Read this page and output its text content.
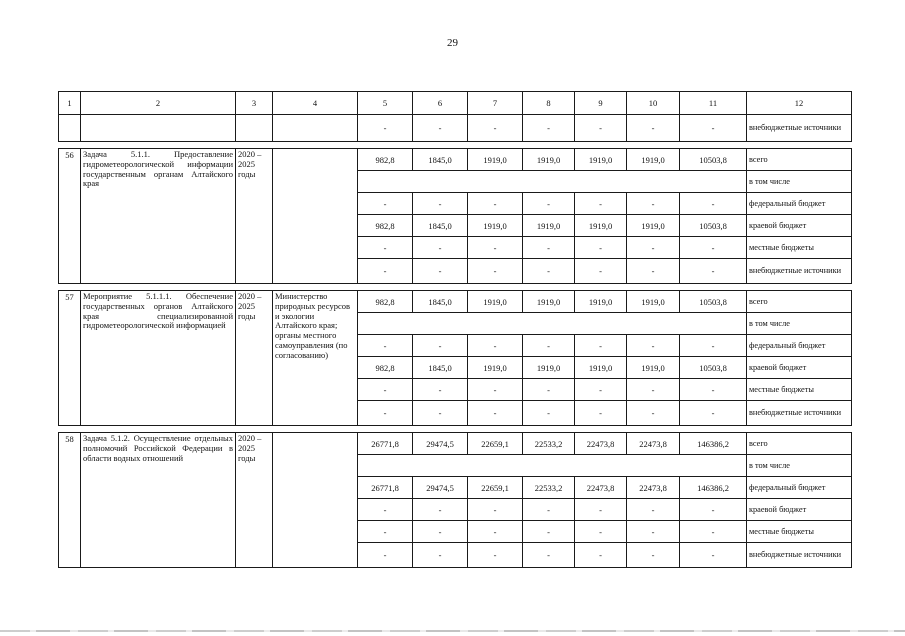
29
1	2	3	4	5	6	7	8	9	10	11	12
				-	-	-	-	-	-	-	внебюджетные источники

56	Задача 5.1.1. Предоставление гидрометеорологической информации государственным органам Алтайского края	2020 – 2025 годы		982,8	1845,0	1919,0	1919,0	1919,0	1919,0	10503,8	всего
											в том числе
				-	-	-	-	-	-	-	федеральный бюджет
				982,8	1845,0	1919,0	1919,0	1919,0	1919,0	10503,8	краевой бюджет
				-	-	-	-	-	-	-	местные бюджеты
				-	-	-	-	-	-	-	внебюджетные источники

57	Мероприятие 5.1.1.1. Обеспечение государственных органов Алтайского края специализированной гидрометеорологической информацией	2020 – 2025 годы	Министерство природных ресурсов и экологии Алтайского края; органы местного самоуправления (по согласованию)	982,8	1845,0	1919,0	1919,0	1919,0	1919,0	10503,8	всего
											в том числе
				-	-	-	-	-	-	-	федеральный бюджет
				982,8	1845,0	1919,0	1919,0	1919,0	1919,0	10503,8	краевой бюджет
				-	-	-	-	-	-	-	местные бюджеты
				-	-	-	-	-	-	-	внебюджетные источники

58	Задача 5.1.2. Осуществление отдельных полномочий Российской Федерации в области водных отношений	2020 – 2025 годы		26771,8	29474,5	22659,1	22533,2	22473,8	22473,8	146386,2	всего
											в том числе
				26771,8	29474,5	22659,1	22533,2	22473,8	22473,8	146386,2	федеральный бюджет
				-	-	-	-	-	-	-	краевой бюджет
				-	-	-	-	-	-	-	местные бюджеты
				-	-	-	-	-	-	-	внебюджетные источники
